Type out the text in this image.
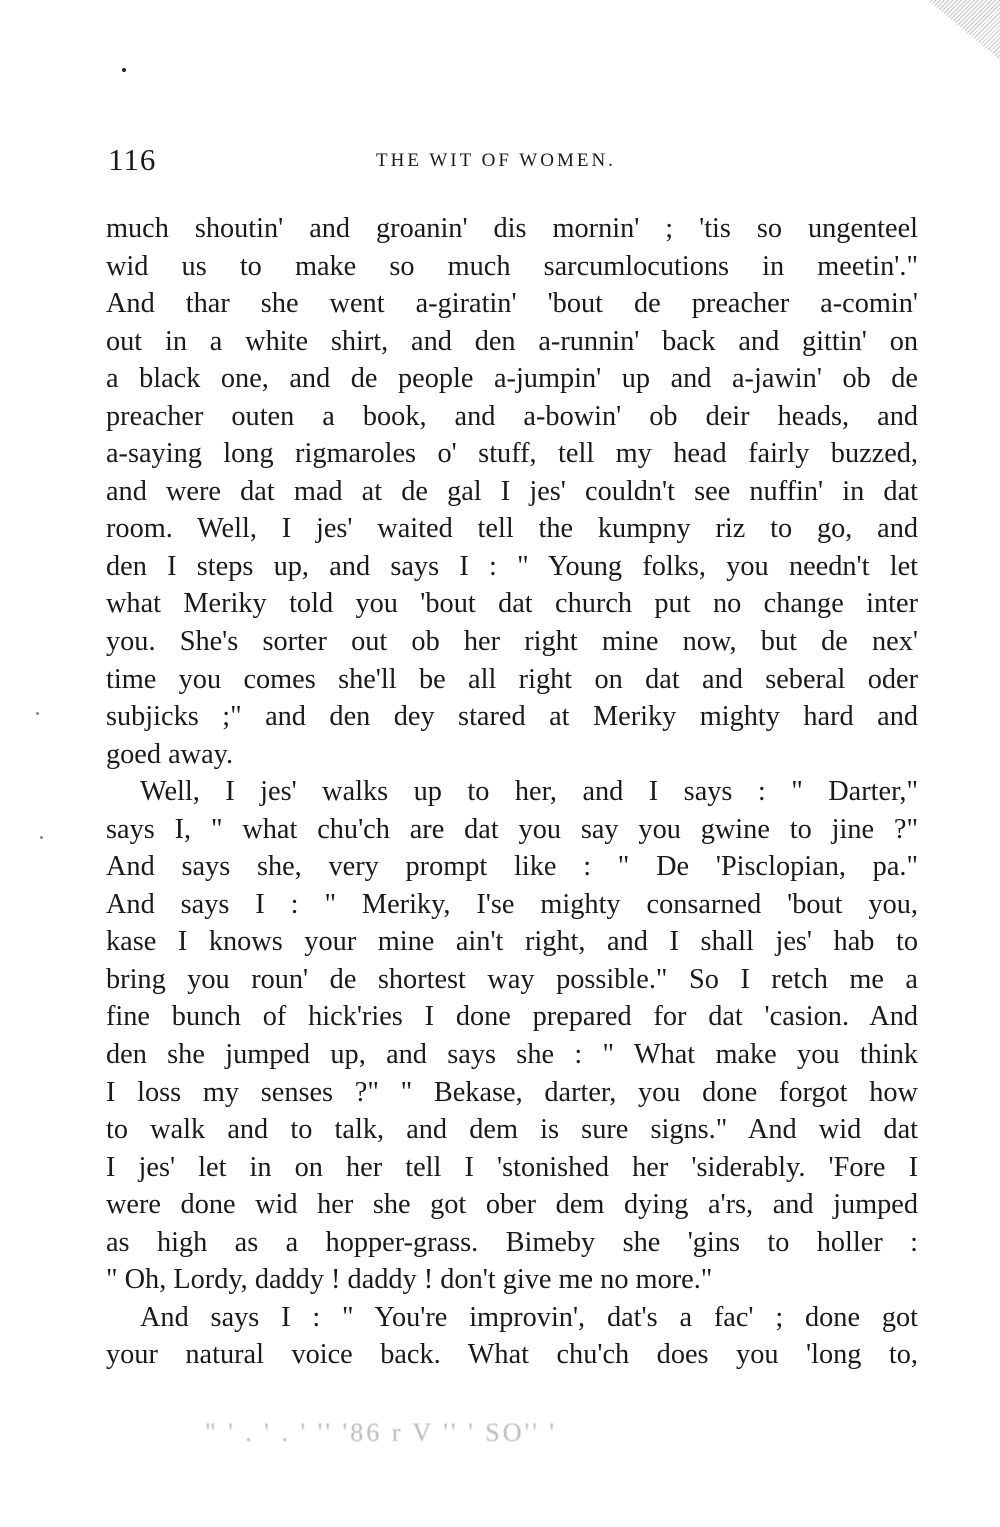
116	THE WIT OF WOMEN.
much shoutin' and groanin' dis mornin' ; 'tis so ungenteel
wid us to make so much sarcumlocutions in meetin'."
And thar she went a-giratin' 'bout de preacher a-comin'
out in a white shirt, and den a-runnin' back and gittin' on
a black one, and de people a-jumpin' up and a-jawin' ob de
preacher outen a book, and a-bowin' ob deir heads, and
a-saying long rigmaroles o' stuff, tell my head fairly buzzed,
and were dat mad at de gal I jes' couldn't see nuffin' in dat
room. Well, I jes' waited tell the kumpny riz to go, and
den I steps up, and says I : " Young folks, you needn't let
what Meriky told you 'bout dat church put no change inter
you. She's sorter out ob her right mine now, but de nex'
time you comes she'll be all right on dat and seberal oder
subjicks ;" and den dey stared at Meriky mighty hard and
goed away.
Well, I jes' walks up to her, and I says : " Darter,"
says I, " what chu'ch are dat you say you gwine to jine ?"
And says she, very prompt like : " De 'Pisclopian, pa."
And says I : " Meriky, I'se mighty consarned 'bout you,
kase I knows your mine ain't right, and I shall jes' hab to
bring you roun' de shortest way possible." So I retch me a
fine bunch of hick'ries I done prepared for dat 'casion. And
den she jumped up, and says she : " What make you think
I loss my senses ?" " Bekase, darter, you done forgot how
to walk and to talk, and dem is sure signs." And wid dat
I jes' let in on her tell I 'stonished her 'siderably. 'Fore I
were done wid her she got ober dem dying a'rs, and jumped
as high as a hopper-grass. Bimeby she 'gins to holler :
" Oh, Lordy, daddy ! daddy ! don't give me no more."
And says I : " You're improvin', dat's a fac' ; done got
your natural voice back. What chu'ch does you 'long to,
" ' . ' . ' '' '86 r V '' ' SO'' '
